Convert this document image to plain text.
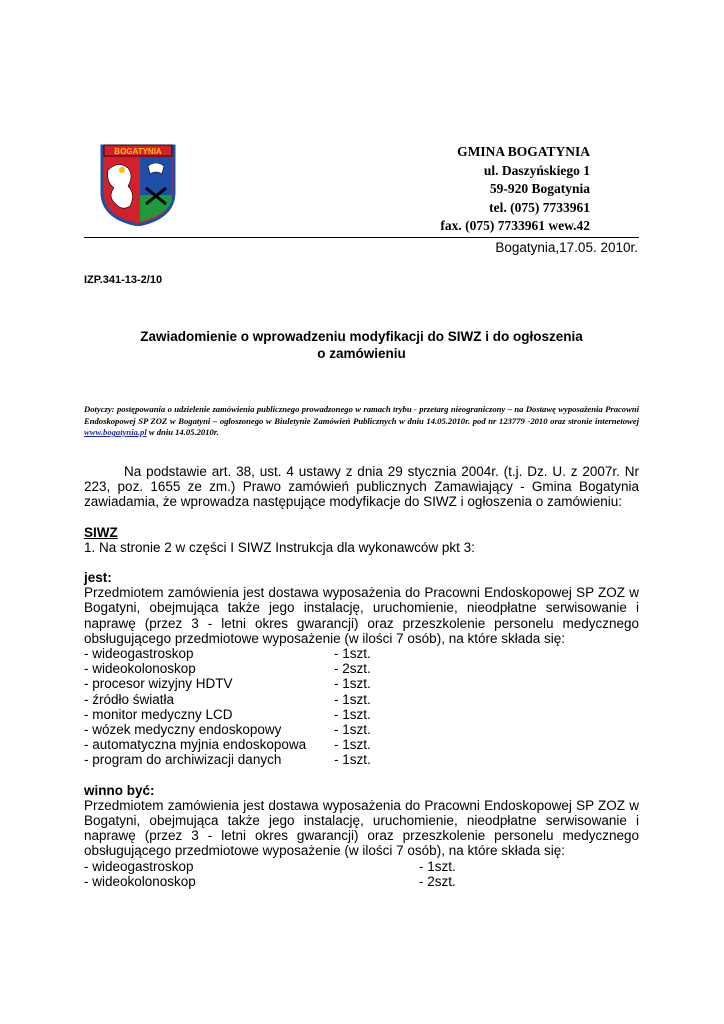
BOGATYNIA	GMINA BOGATYNIA
ul. Daszyńskiego 1
59-920 Bogatynia
tel. (075) 7733961
fax. (075) 7733961 wew.42
Bogatynia,17.05. 2010r.
IZP.341-13-2/10
Zawiadomienie o wprowadzeniu modyfikacji do SIWZ i do ogłoszenia
o zamówieniu
Dotyczy: postępowania o udzielenie zamówienia publicznego prowadzonego w ramach trybu - przetarg nieograniczony – na Dostawę wyposażenia Pracowni Endoskopowej SP ZOZ w Bogatyni – ogłoszonego w Biuletynie Zamówień Publicznych w dniu 14.05.2010r. pod nr 123779 -2010 oraz stronie internetowej www.bogatynia.pl w dniu 14.05.2010r.
Na podstawie art. 38, ust. 4 ustawy z dnia 29 stycznia 2004r. (t.j. Dz. U. z 2007r. Nr 223, poz. 1655 ze zm.) Prawo zamówień publicznych Zamawiający - Gmina Bogatynia zawiadamia, że wprowadza następujące modyfikacje do SIWZ i ogłoszenia o zamówieniu:
SIWZ
1. Na stronie 2 w części I SIWZ Instrukcja dla wykonawców pkt 3:
jest:
Przedmiotem zamówienia jest dostawa wyposażenia do Pracowni Endoskopowej SP ZOZ w Bogatyni, obejmująca także jego instalację, uruchomienie, nieodpłatne serwisowanie i naprawę (przez 3 - letni okres gwarancji) oraz przeszkolenie personelu medycznego obsługującego przedmiotowe wyposażenie (w ilości 7 osób), na które składa się:
- wideogastroskop	- 1szt.
- wideokolonoskop	- 2szt.
- procesor wizyjny HDTV	- 1szt.
- źródło światła	- 1szt.
- monitor medyczny LCD	- 1szt.
- wózek medyczny endoskopowy	- 1szt.
- automatyczna myjnia endoskopowa - 1szt.
- program do archiwizacji danych	- 1szt.
winno być:
Przedmiotem zamówienia jest dostawa wyposażenia do Pracowni Endoskopowej SP ZOZ w Bogatyni, obejmująca także jego instalację, uruchomienie, nieodpłatne serwisowanie i naprawę (przez 3 - letni okres gwarancji) oraz przeszkolenie personelu medycznego obsługującego przedmiotowe wyposażenie (w ilości 7 osób), na które składa się:
- wideogastroskop	- 1szt.
- wideokolonoskop	- 2szt.
